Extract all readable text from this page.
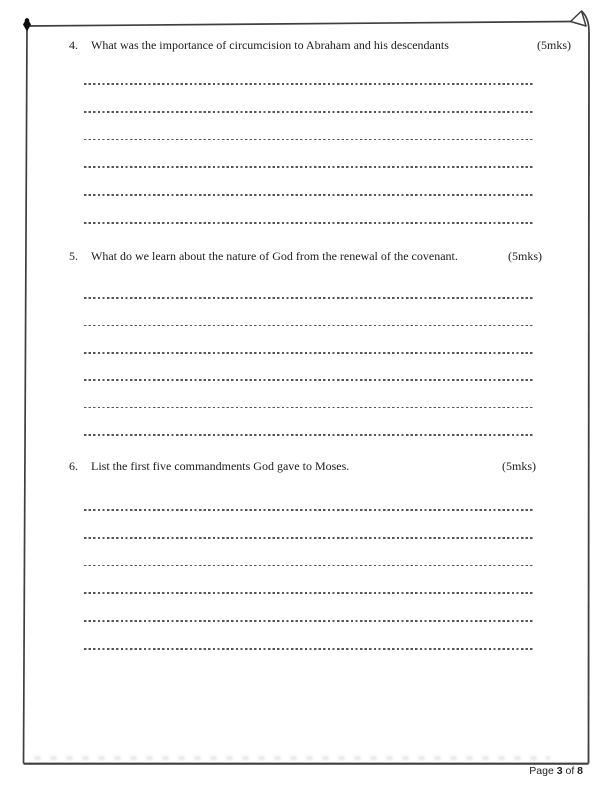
4. What was the importance of circumcision to Abraham and his descendants	(5mks)
5. What do we learn about the nature of God from the renewal of the covenant.	(5mks)
6. List the first five commandments God gave to Moses.	(5mks)
Page 3 of 8
